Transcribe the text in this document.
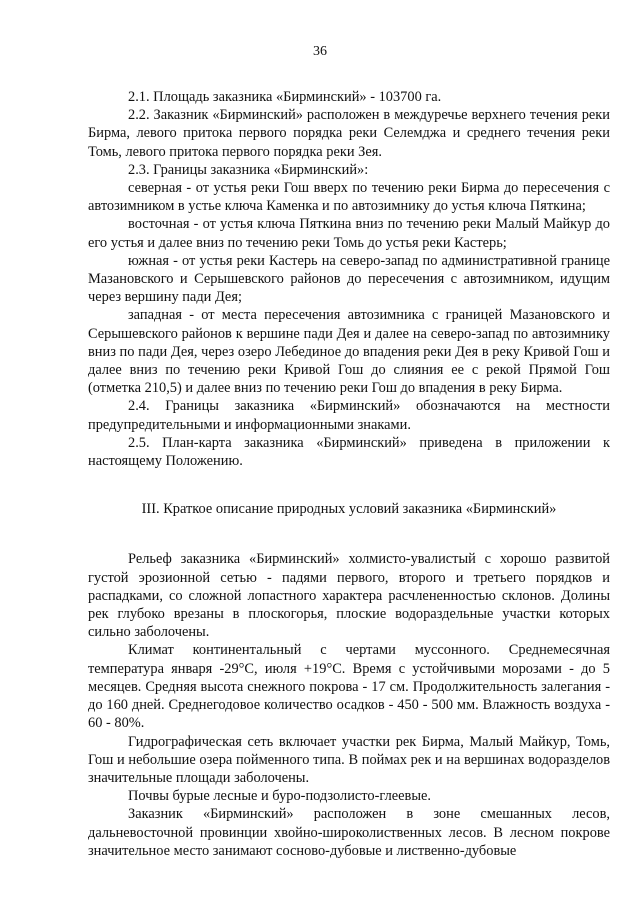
36

2.1. Площадь заказника «Бирминский» - 103700 га.

2.2. Заказник «Бирминский» расположен в междуречье верхнего течения реки Бирма, левого притока первого порядка реки Селемджа и среднего течения реки Томь, левого притока первого порядка реки Зея.

2.3. Границы заказника «Бирминский»:

северная - от устья реки Гош вверх по течению реки Бирма до пересечения с автозимником в устье ключа Каменка и по автозимнику до устья ключа Пяткина;

восточная - от устья ключа Пяткина вниз по течению реки Малый Майкур до его устья и далее вниз по течению реки Томь до устья реки Кастерь;

южная - от устья реки Кастерь на северо-запад по административной границе Мазановского и Серышевского районов до пересечения с автозимником, идущим через вершину пади Дея;

западная - от места пересечения автозимника с границей Мазановского и Серышевского районов к вершине пади Дея и далее на северо-запад по автозимнику вниз по пади Дея, через озеро Лебединое до впадения реки Дея в реку Кривой Гош и далее вниз по течению реки Кривой Гош до слияния ее с рекой Прямой Гош (отметка 210,5) и далее вниз по течению реки Гош до впадения в реку Бирма.

2.4. Границы заказника «Бирминский» обозначаются на местности предупредительными и информационными знаками.

2.5. План-карта заказника «Бирминский» приведена в приложении к настоящему Положению.

III. Краткое описание природных условий заказника «Бирминский»

Рельеф заказника «Бирминский» холмисто-увалистый с хорошо развитой густой эрозионной сетью - падями первого, второго и третьего порядков и распадками, со сложной лопастного характера расчлененностью склонов. Долины рек глубоко врезаны в плоскогорья, плоские водораздельные участки которых сильно заболочены.

Климат континентальный с чертами муссонного. Среднемесячная температура января -29°С, июля +19°С. Время с устойчивыми морозами - до 5 месяцев. Средняя высота снежного покрова - 17 см. Продолжительность залегания - до 160 дней. Среднегодовое количество осадков - 450 - 500 мм. Влажность воздуха - 60 - 80%.

Гидрографическая сеть включает участки рек Бирма, Малый Майкур, Томь, Гош и небольшие озера пойменного типа. В поймах рек и на вершинах водоразделов значительные площади заболочены.

Почвы бурые лесные и буро-подзолисто-глеевые.

Заказник «Бирминский» расположен в зоне смешанных лесов, дальневосточной провинции хвойно-широколиственных лесов. В лесном покрове значительное место занимают сосново-дубовые и лиственно-дубовые
